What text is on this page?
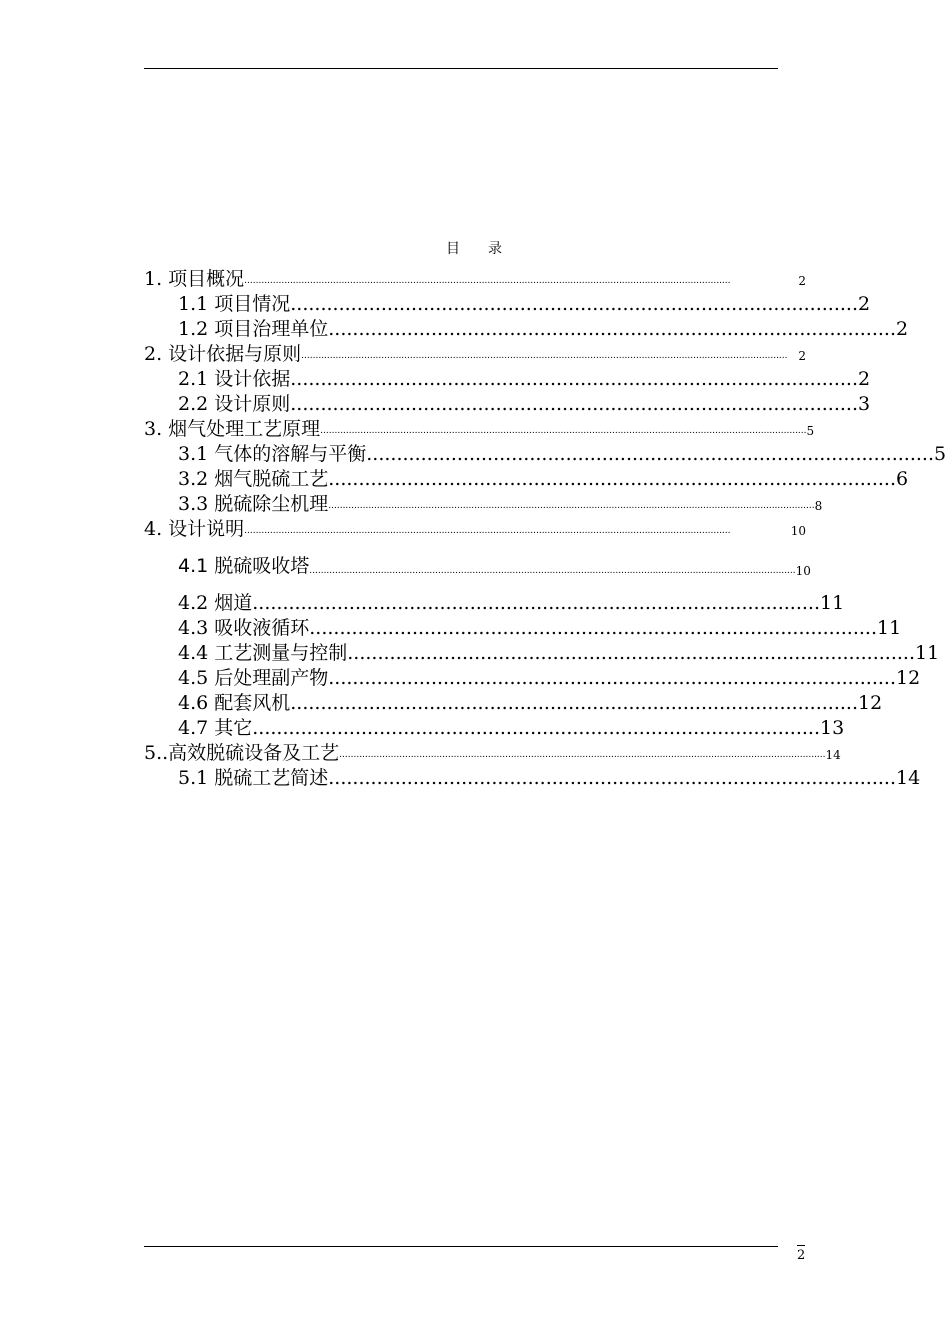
目 录
1. 项目概况 ..........................................................................................................................................................................	2
1.1 项目情况 .............................................................................................. 2
1.2 项目治理单位 .............................................................................................. 2
2. 设计依据与原则 .......................................................................................................................................................................... 2
2.1 设计依据 .............................................................................................. 2
2.2 设计原则 .............................................................................................. 3
3. 烟气处理工艺原理 .......................................................................................................................................................................... 5
3.1 气体的溶解与平衡 .............................................................................................. 5
3.2 烟气脱硫工艺 .............................................................................................. 6
3.3 脱硫除尘机理 .......................................................................................................................................................................... 8
4. 设计说明 ..........................................................................................................................................................................	10
4.1 脱硫吸收塔 .......................................................................................................................................................................... 10
4.2 烟道 .............................................................................................. 11
4.3 吸收液循环 .............................................................................................. 11
4.4 工艺测量与控制 .............................................................................................. 11
4.5 后处理副产物 .............................................................................................. 12
4.6 配套风机 .............................................................................................. 12
4.7 其它 .............................................................................................. 13
5..高效脱硫设备及工艺 .......................................................................................................................................................................... 14
5.1 脱硫工艺简述 .............................................................................................. 14
2
